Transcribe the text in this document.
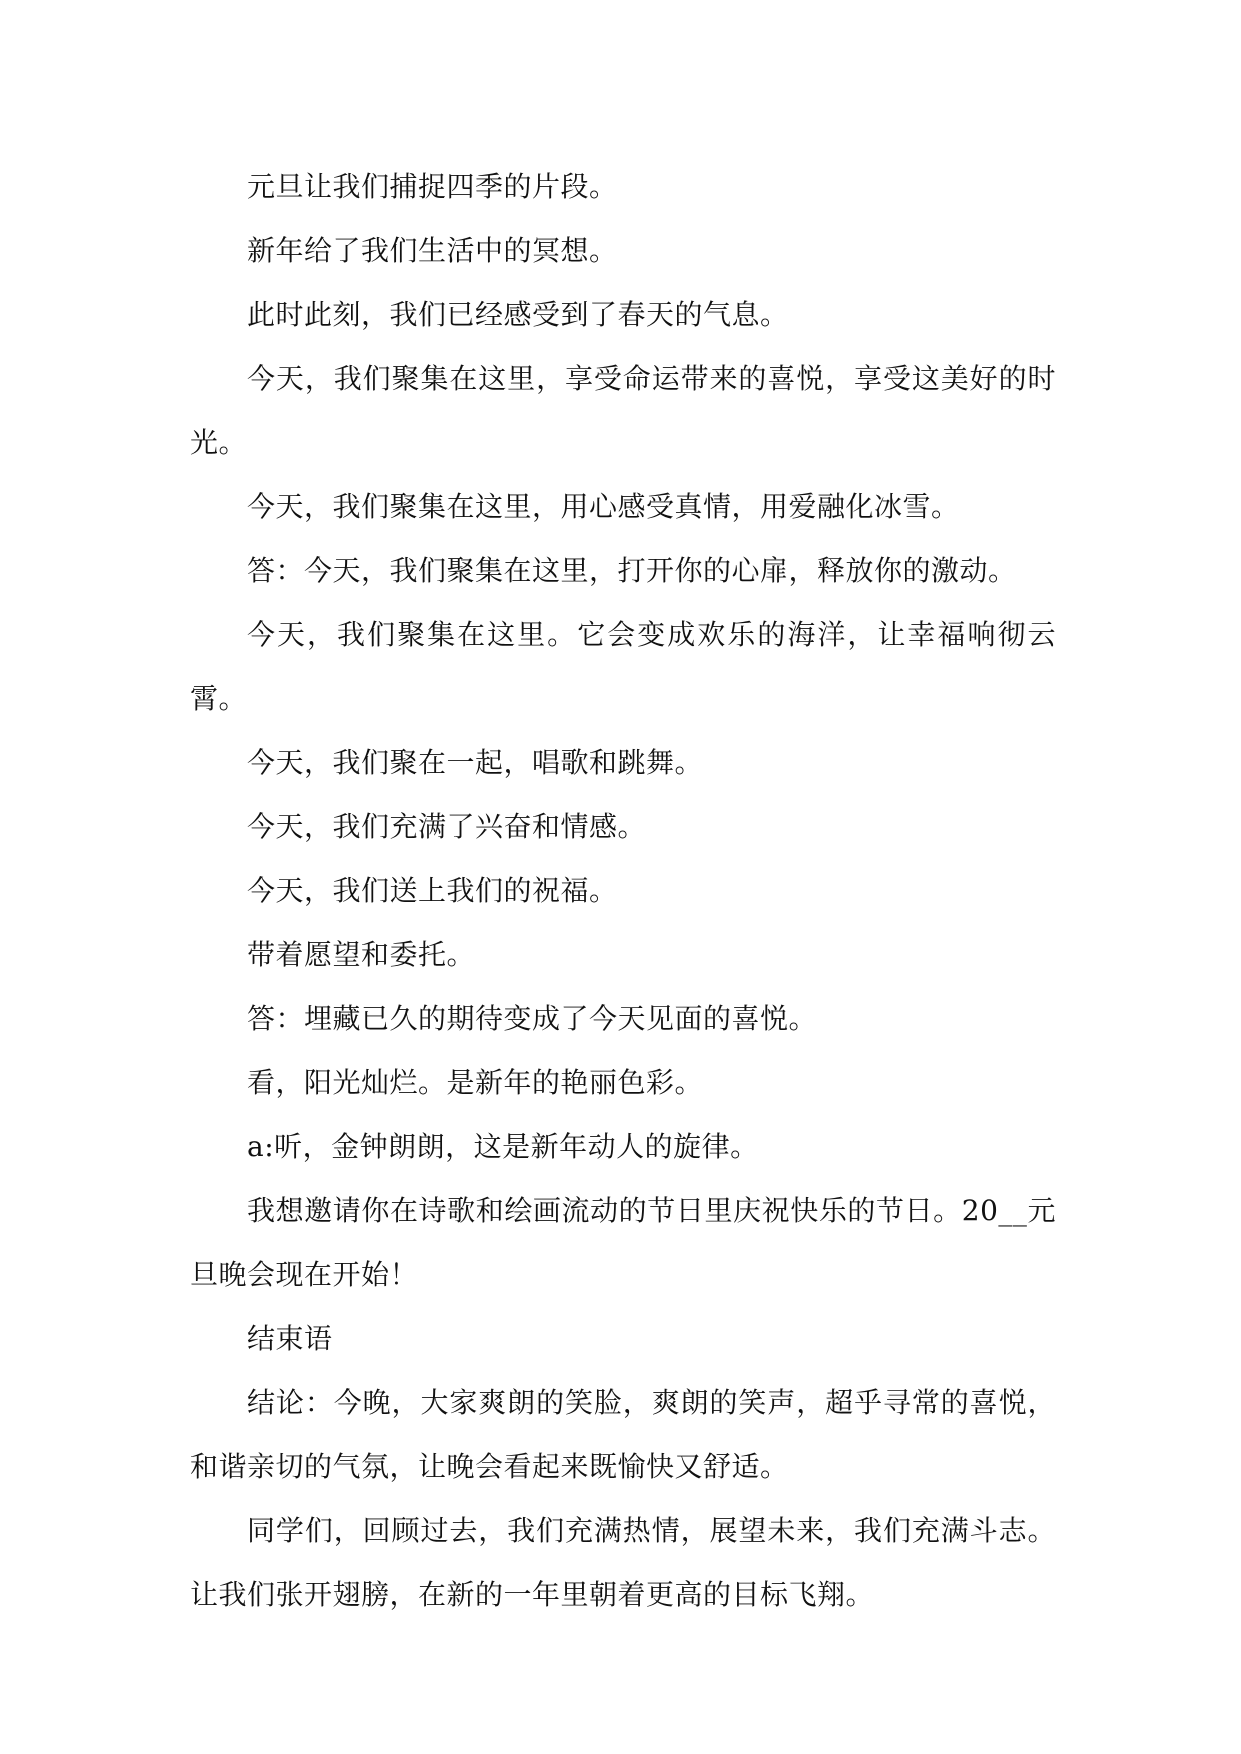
元旦让我们捕捉四季的片段。

新年给了我们生活中的冥想。

此时此刻，我们已经感受到了春天的气息。

今天，我们聚集在这里，享受命运带来的喜悦，享受这美好的时光。

今天，我们聚集在这里，用心感受真情，用爱融化冰雪。

答：今天，我们聚集在这里，打开你的心扉，释放你的激动。

今天，我们聚集在这里。它会变成欢乐的海洋，让幸福响彻云霄。

今天，我们聚在一起，唱歌和跳舞。

今天，我们充满了兴奋和情感。

今天，我们送上我们的祝福。

带着愿望和委托。

答：埋藏已久的期待变成了今天见面的喜悦。

看，阳光灿烂。是新年的艳丽色彩。

a:听，金钟朗朗，这是新年动人的旋律。

我想邀请你在诗歌和绘画流动的节日里庆祝快乐的节日。20__元旦晚会现在开始！

结束语

结论：今晚，大家爽朗的笑脸，爽朗的笑声，超乎寻常的喜悦，和谐亲切的气氛，让晚会看起来既愉快又舒适。

同学们，回顾过去，我们充满热情，展望未来，我们充满斗志。让我们张开翅膀，在新的一年里朝着更高的目标飞翔。
